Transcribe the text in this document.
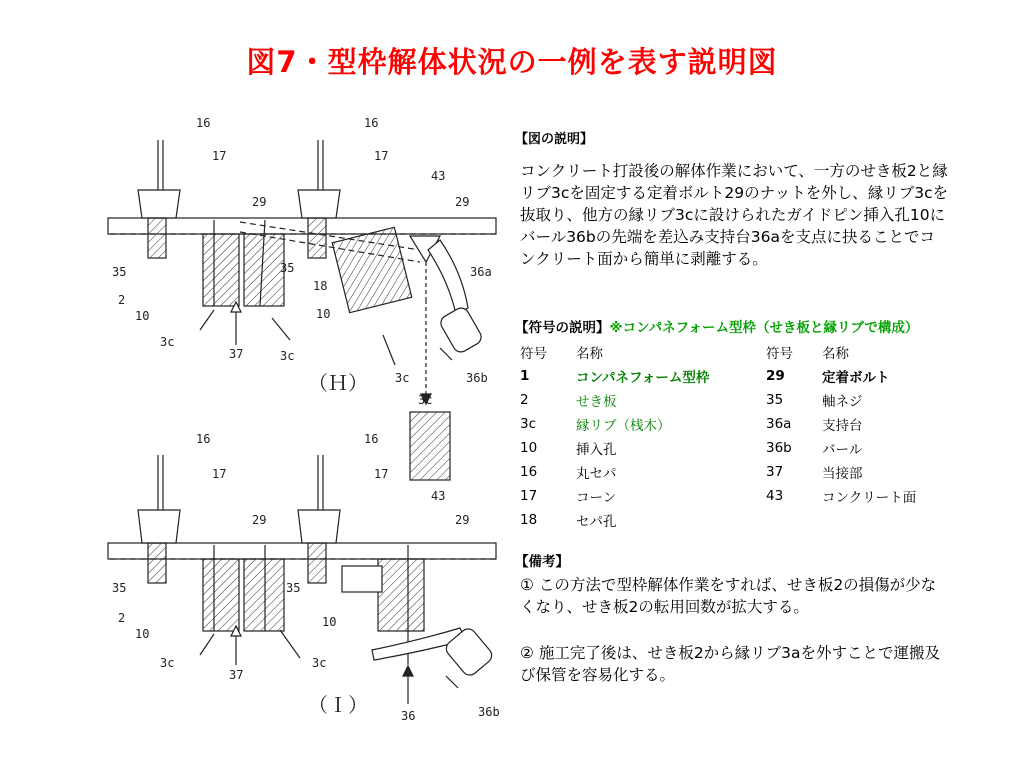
図7・型枠解体状況の一例を表す説明図
16
17
16
17
43
29	29
35	36a
2
35
18
10	10
3c
37	3c
3c	36b
3c
（Ｈ）
16
17
16
17
43
29	29
35
2
35
10
10
3c
37
3c
36	36b
（Ｉ）
【図の説明】
コンクリート打設後の解体作業において、一方のせき板2と縁リブ3cを固定する定着ボルト29のナットを外し、縁リブ3cを抜取り、他方の縁リブ3cに設けられたガイドピン挿入孔10にバール36bの先端を差込み支持台36aを支点に抉ることでコンクリート面から簡単に剥離する。
【符号の説明】※コンパネフォーム型枠（せき板と縁リブで構成）
符号	名称	符号	名称
1	コンパネフォーム型枠	29	定着ボルト
2	せき板	35	軸ネジ
3c	縁リブ（桟木）	36a	支持台
10	挿入孔	36b	バール
16	丸セパ	37	当接部
17	コーン	43	コンクリート面
18	セパ孔		
【備考】
① この方法で型枠解体作業をすれば、せき板2の損傷が少なくなり、せき板2の転用回数が拡大する。
② 施工完了後は、せき板2から縁リブ3aを外すことで運搬及び保管を容易化する。
